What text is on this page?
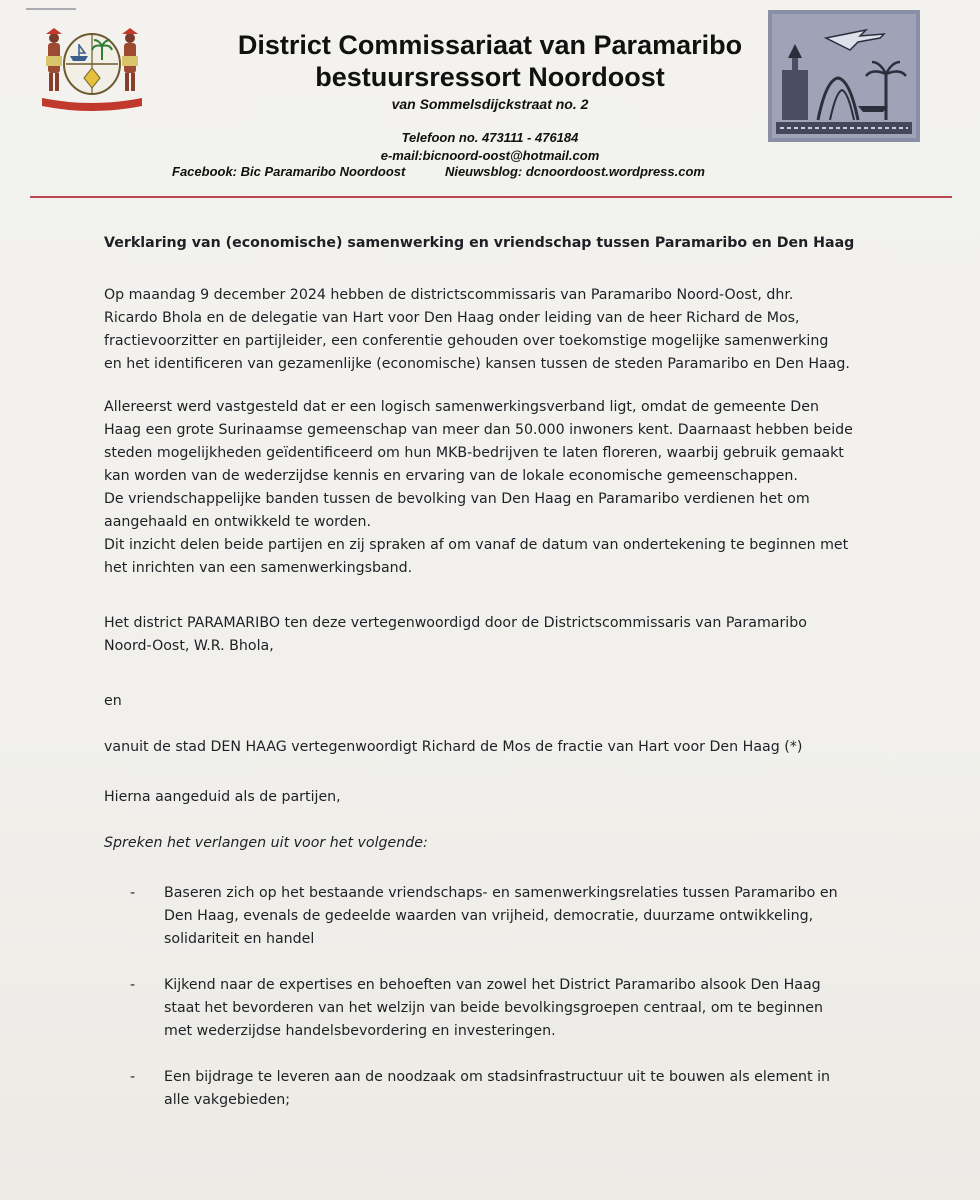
District Commissariaat van Paramaribo
bestuursressort Noordoost
van Sommelsdijckstraat no. 2
Telefoon no. 473111 - 476184
e-mail:bicnoord-oost@hotmail.com
Facebook: Bic Paramaribo Noordoost	Nieuwsblog: dcnoordoost.wordpress.com
Verklaring van (economische) samenwerking en vriendschap tussen Paramaribo en Den Haag
Op maandag 9 december 2024 hebben de districtscommissaris van Paramaribo Noord-Oost, dhr.
Ricardo Bhola en de delegatie van Hart voor Den Haag onder leiding van de heer Richard de Mos,
fractievoorzitter en partijleider, een conferentie gehouden over toekomstige mogelijke samenwerking
en het identificeren van gezamenlijke (economische) kansen tussen de steden Paramaribo en Den Haag.
Allereerst werd vastgesteld dat er een logisch samenwerkingsverband ligt, omdat de gemeente Den
Haag een grote Surinaamse gemeenschap van meer dan 50.000 inwoners kent. Daarnaast hebben beide
steden mogelijkheden geïdentificeerd om hun MKB-bedrijven te laten floreren, waarbij gebruik gemaakt
kan worden van de wederzijdse kennis en ervaring van de lokale economische gemeenschappen.
De vriendschappelijke banden tussen de bevolking van Den Haag en Paramaribo verdienen het om
aangehaald en ontwikkeld te worden.
Dit inzicht delen beide partijen en zij spraken af om vanaf de datum van ondertekening te beginnen met
het inrichten van een samenwerkingsband.
Het district PARAMARIBO ten deze vertegenwoordigd door de Districtscommissaris van Paramaribo
Noord-Oost, W.R. Bhola,
en
vanuit de stad DEN HAAG vertegenwoordigt Richard de Mos de fractie van Hart voor Den Haag (*)
Hierna aangeduid als de partijen,
Spreken het verlangen uit voor het volgende:
- Baseren zich op het bestaande vriendschaps- en samenwerkingsrelaties tussen Paramaribo en
Den Haag, evenals de gedeelde waarden van vrijheid, democratie, duurzame ontwikkeling,
solidariteit en handel
- Kijkend naar de expertises en behoeften van zowel het District Paramaribo alsook Den Haag
staat het bevorderen van het welzijn van beide bevolkingsgroepen centraal, om te beginnen
met wederzijdse handelsbevordering en investeringen.
- Een bijdrage te leveren aan de noodzaak om stadsinfrastructuur uit te bouwen als element in
alle vakgebieden;
